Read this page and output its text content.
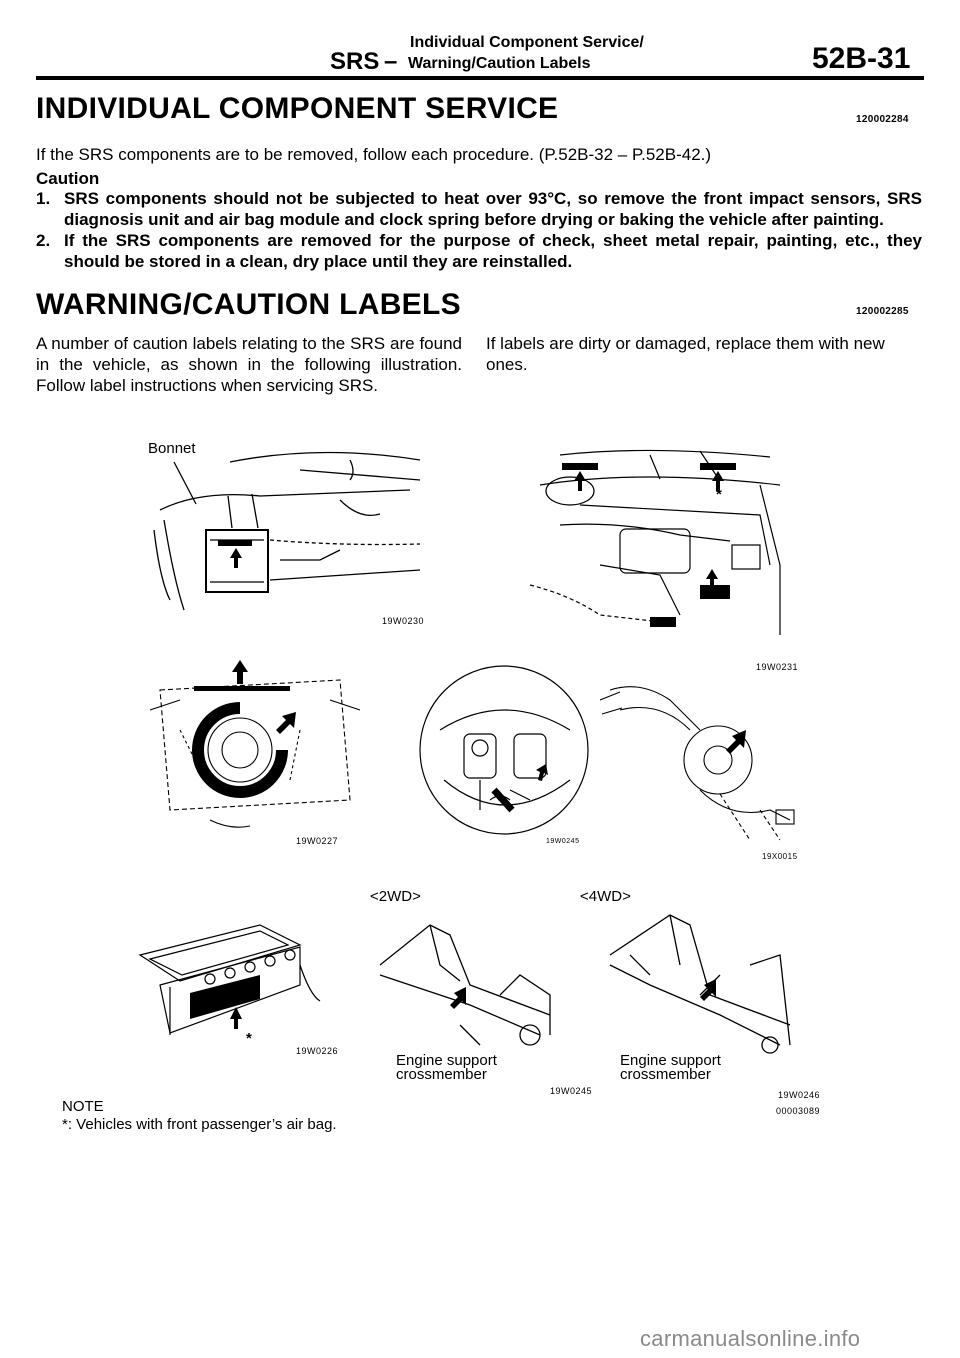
Individual Component Service/
SRS – Warning/Caution Labels	52B-31
INDIVIDUAL COMPONENT SERVICE	120002284
If the SRS components are to be removed, follow each procedure. (P.52B-32 – P.52B-42.)
Caution
1. SRS components should not be subjected to heat over 93°C, so remove the front impact sensors, SRS diagnosis unit and air bag module and clock spring before drying or baking the vehicle after painting.
2. If the SRS components are removed for the purpose of check, sheet metal repair, painting, etc., they should be stored in a clean, dry place until they are reinstalled.
WARNING/CAUTION LABELS	120002285
A number of caution labels relating to the SRS are found in the vehicle, as shown in the following illustration. Follow label instructions when servicing SRS.
If labels are dirty or damaged, replace them with new ones.
Bonnet
19W0230
*
19W0231
19W0227	19W0245
19X0015
*
19W0226
<2WD>
Engine support
crossmember
19W0245
<4WD>
Engine support
crossmember
19W0246
00003089
NOTE
*: Vehicles with front passenger’s air bag.
carmanualsonline.info
